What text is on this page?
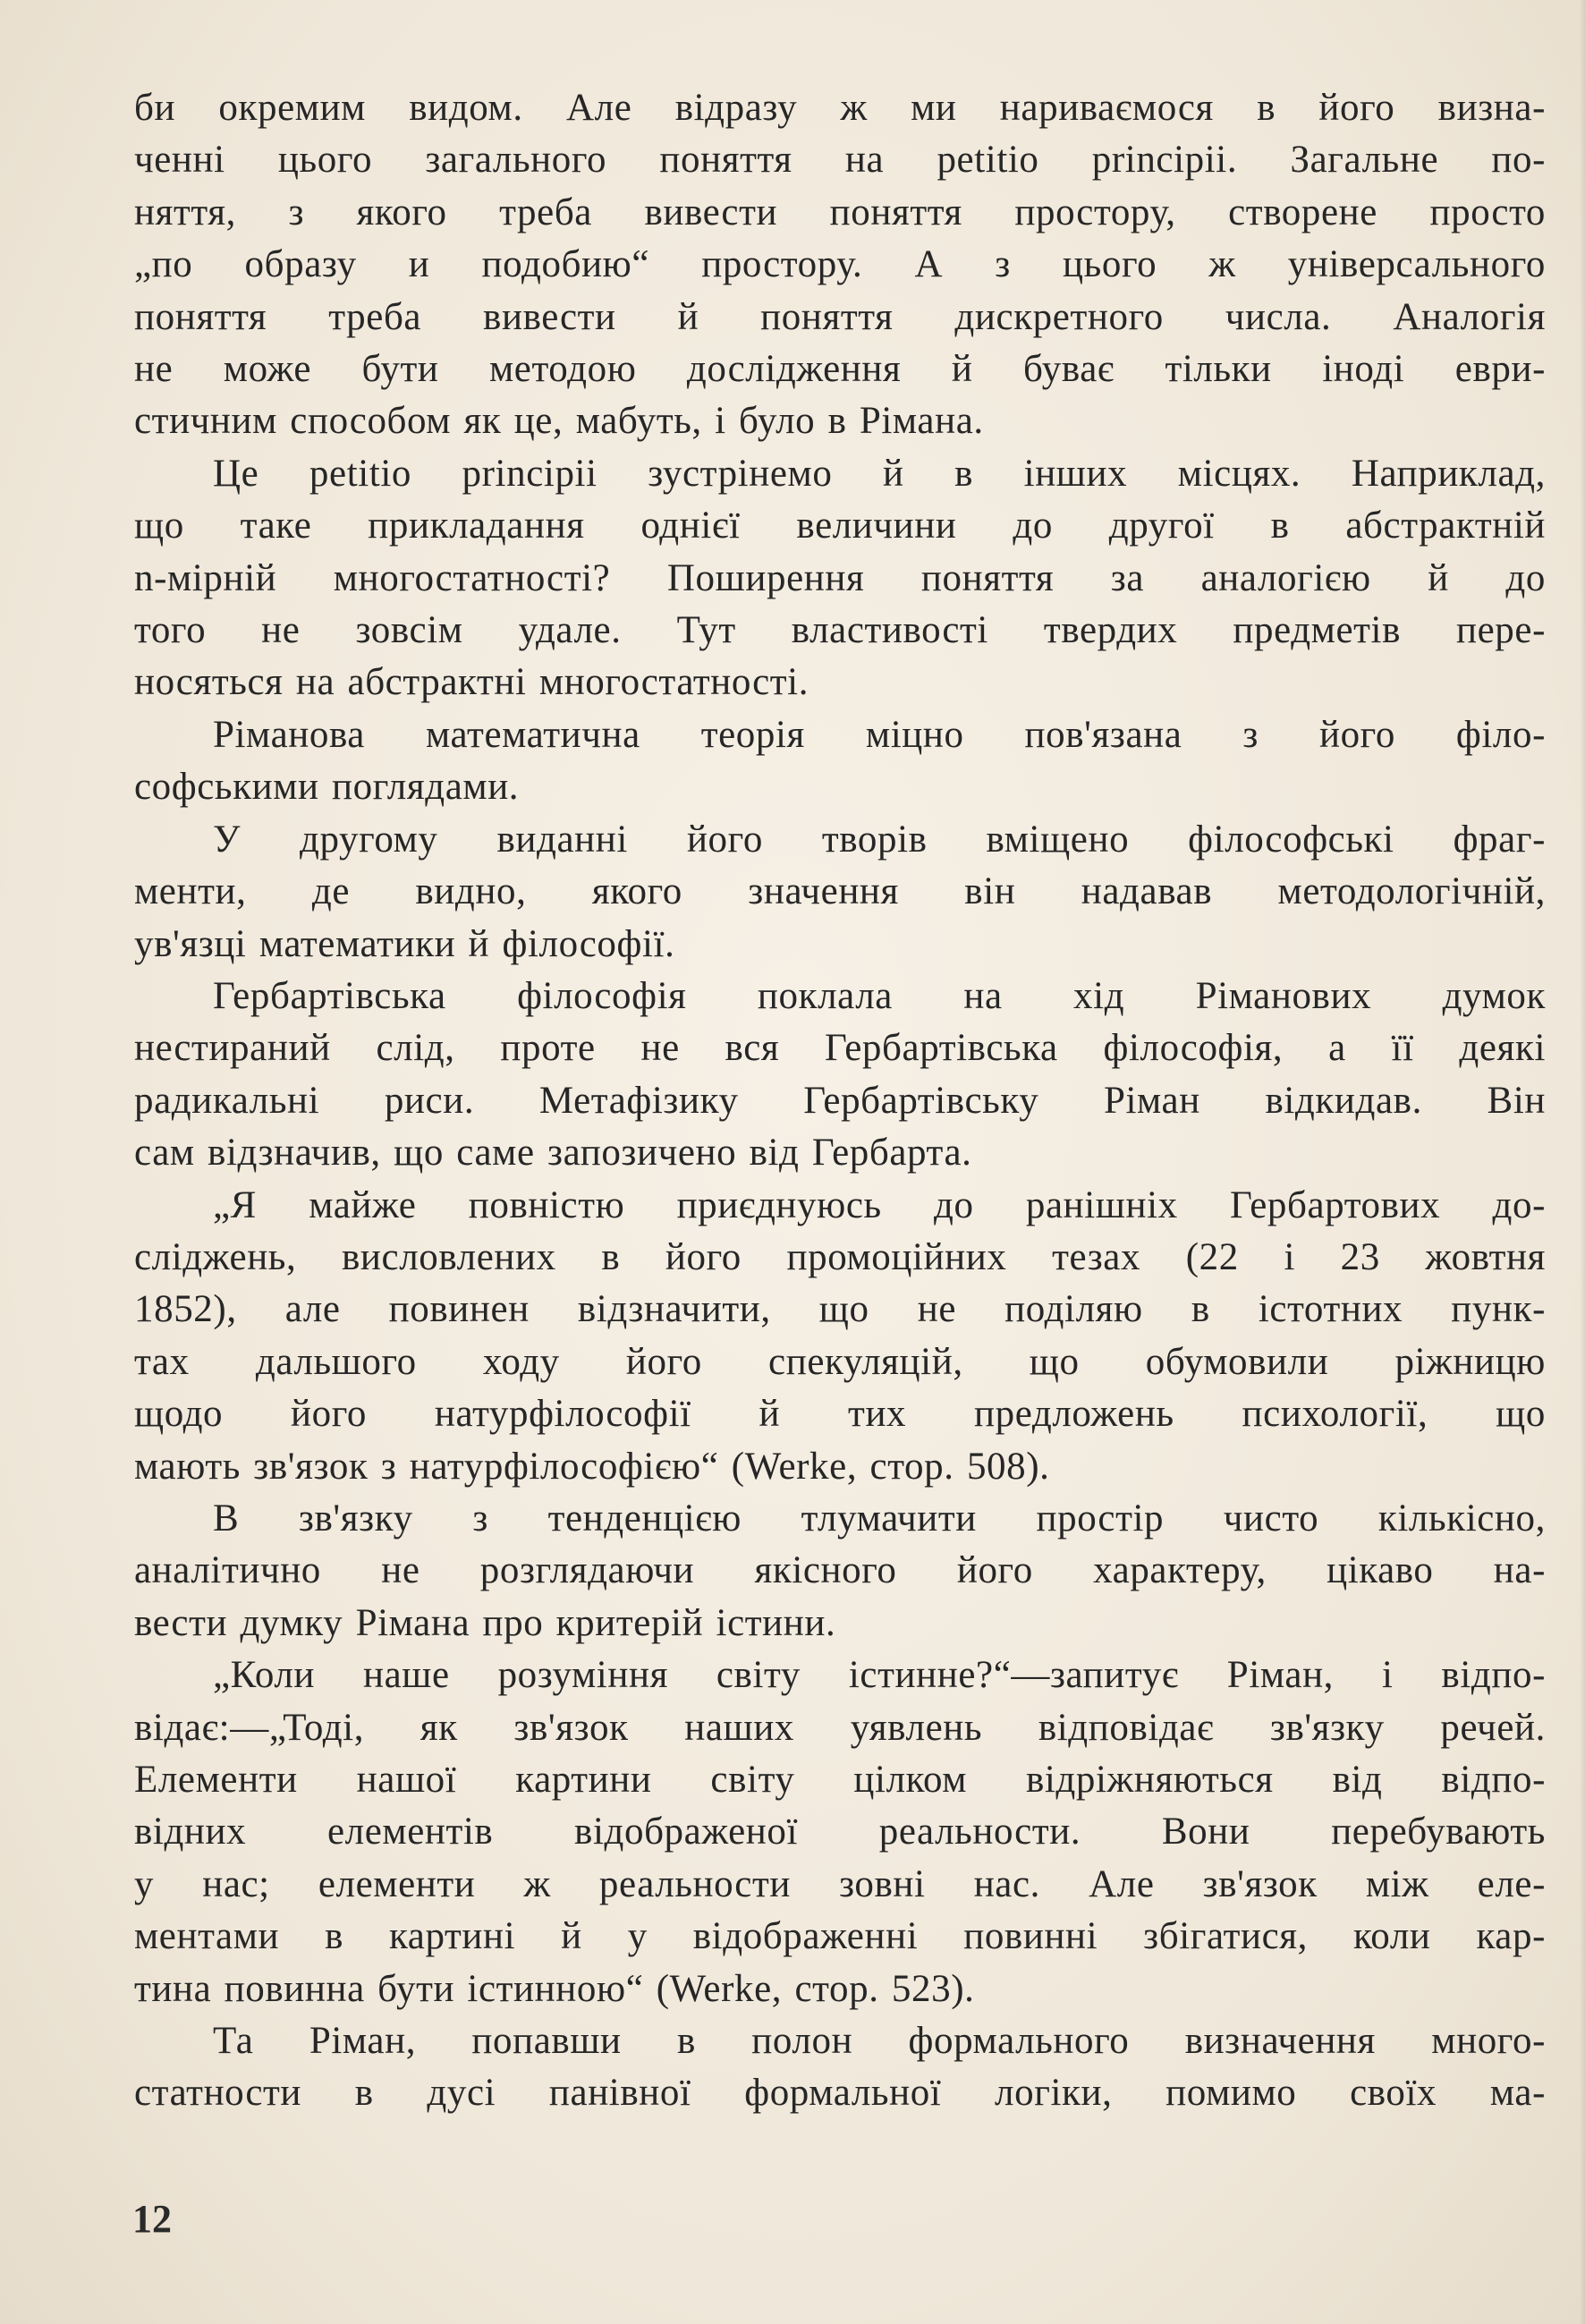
би окремим видом. Але відразу ж ми нариваємося в його визна-
ченні цього загального поняття на petitio principii. Загальне по-
няття, з якого треба вивести поняття простору, створене просто
„по образу и подобию“ простору. А з цього ж універсального
поняття треба вивести й поняття дискретного числа. Аналогія
не може бути методою дослідження й буває тільки іноді еври-
стичним способом як це, мабуть, і було в Рімана.

Це petitio principii зустрінемо й в інших місцях. Наприклад,
що таке прикладання однієї величини до другої в абстрактній
n-мірній многостатності? Поширення поняття за аналогією й до
того не зовсім удале. Тут властивості твердих предметів пере-
носяться на абстрактні многостатності.

Ріманова математична теорія міцно пов'язана з його філо-
софськими поглядами.

У другому виданні його творів вміщено філософські фраг-
менти, де видно, якого значення він надавав методологічній,
ув'язці математики й філософії.

Гербартівська філософія поклала на хід Ріманових думок
нестираний слід, проте не вся Гербартівська філософія, а її деякі
радикальні риси. Метафізику Гербартівську Ріман відкидав. Він
сам відзначив, що саме запозичено від Гербарта.

„Я майже повністю приєднуюсь до ранішніх Гербартових до-
сліджень, висловлених в його промоційних тезах (22 і 23 жовтня
1852), але повинен відзначити, що не поділяю в істотних пунк-
тах дальшого ходу його спекуляцій, що обумовили ріжницю
щодо його натурфілософії й тих предложень психології, що
мають зв'язок з натурфілософією“ (Werke, стор. 508).

В зв'язку з тенденцією тлумачити простір чисто кількісно,
аналітично не розглядаючи якісного його характеру, цікаво на-
вести думку Рімана про критерій істини.

„Коли наше розуміння світу істинне?“—запитує Ріман, і відпо-
відає:—„Тоді, як зв'язок наших уявлень відповідає зв'язку речей.
Елементи нашої картини світу цілком відріжняються від відпо-
відних елементів відображеної реальности. Вони перебувають
у нас; елементи ж реальности зовні нас. Але зв'язок між еле-
ментами в картині й у відображенні повинні збігатися, коли кар-
тина повинна бути істинною“ (Werke, стор. 523).

Та Ріман, попавши в полон формального визначення много-
статности в дусі панівної формальної логіки, помимо своїх ма-

12
